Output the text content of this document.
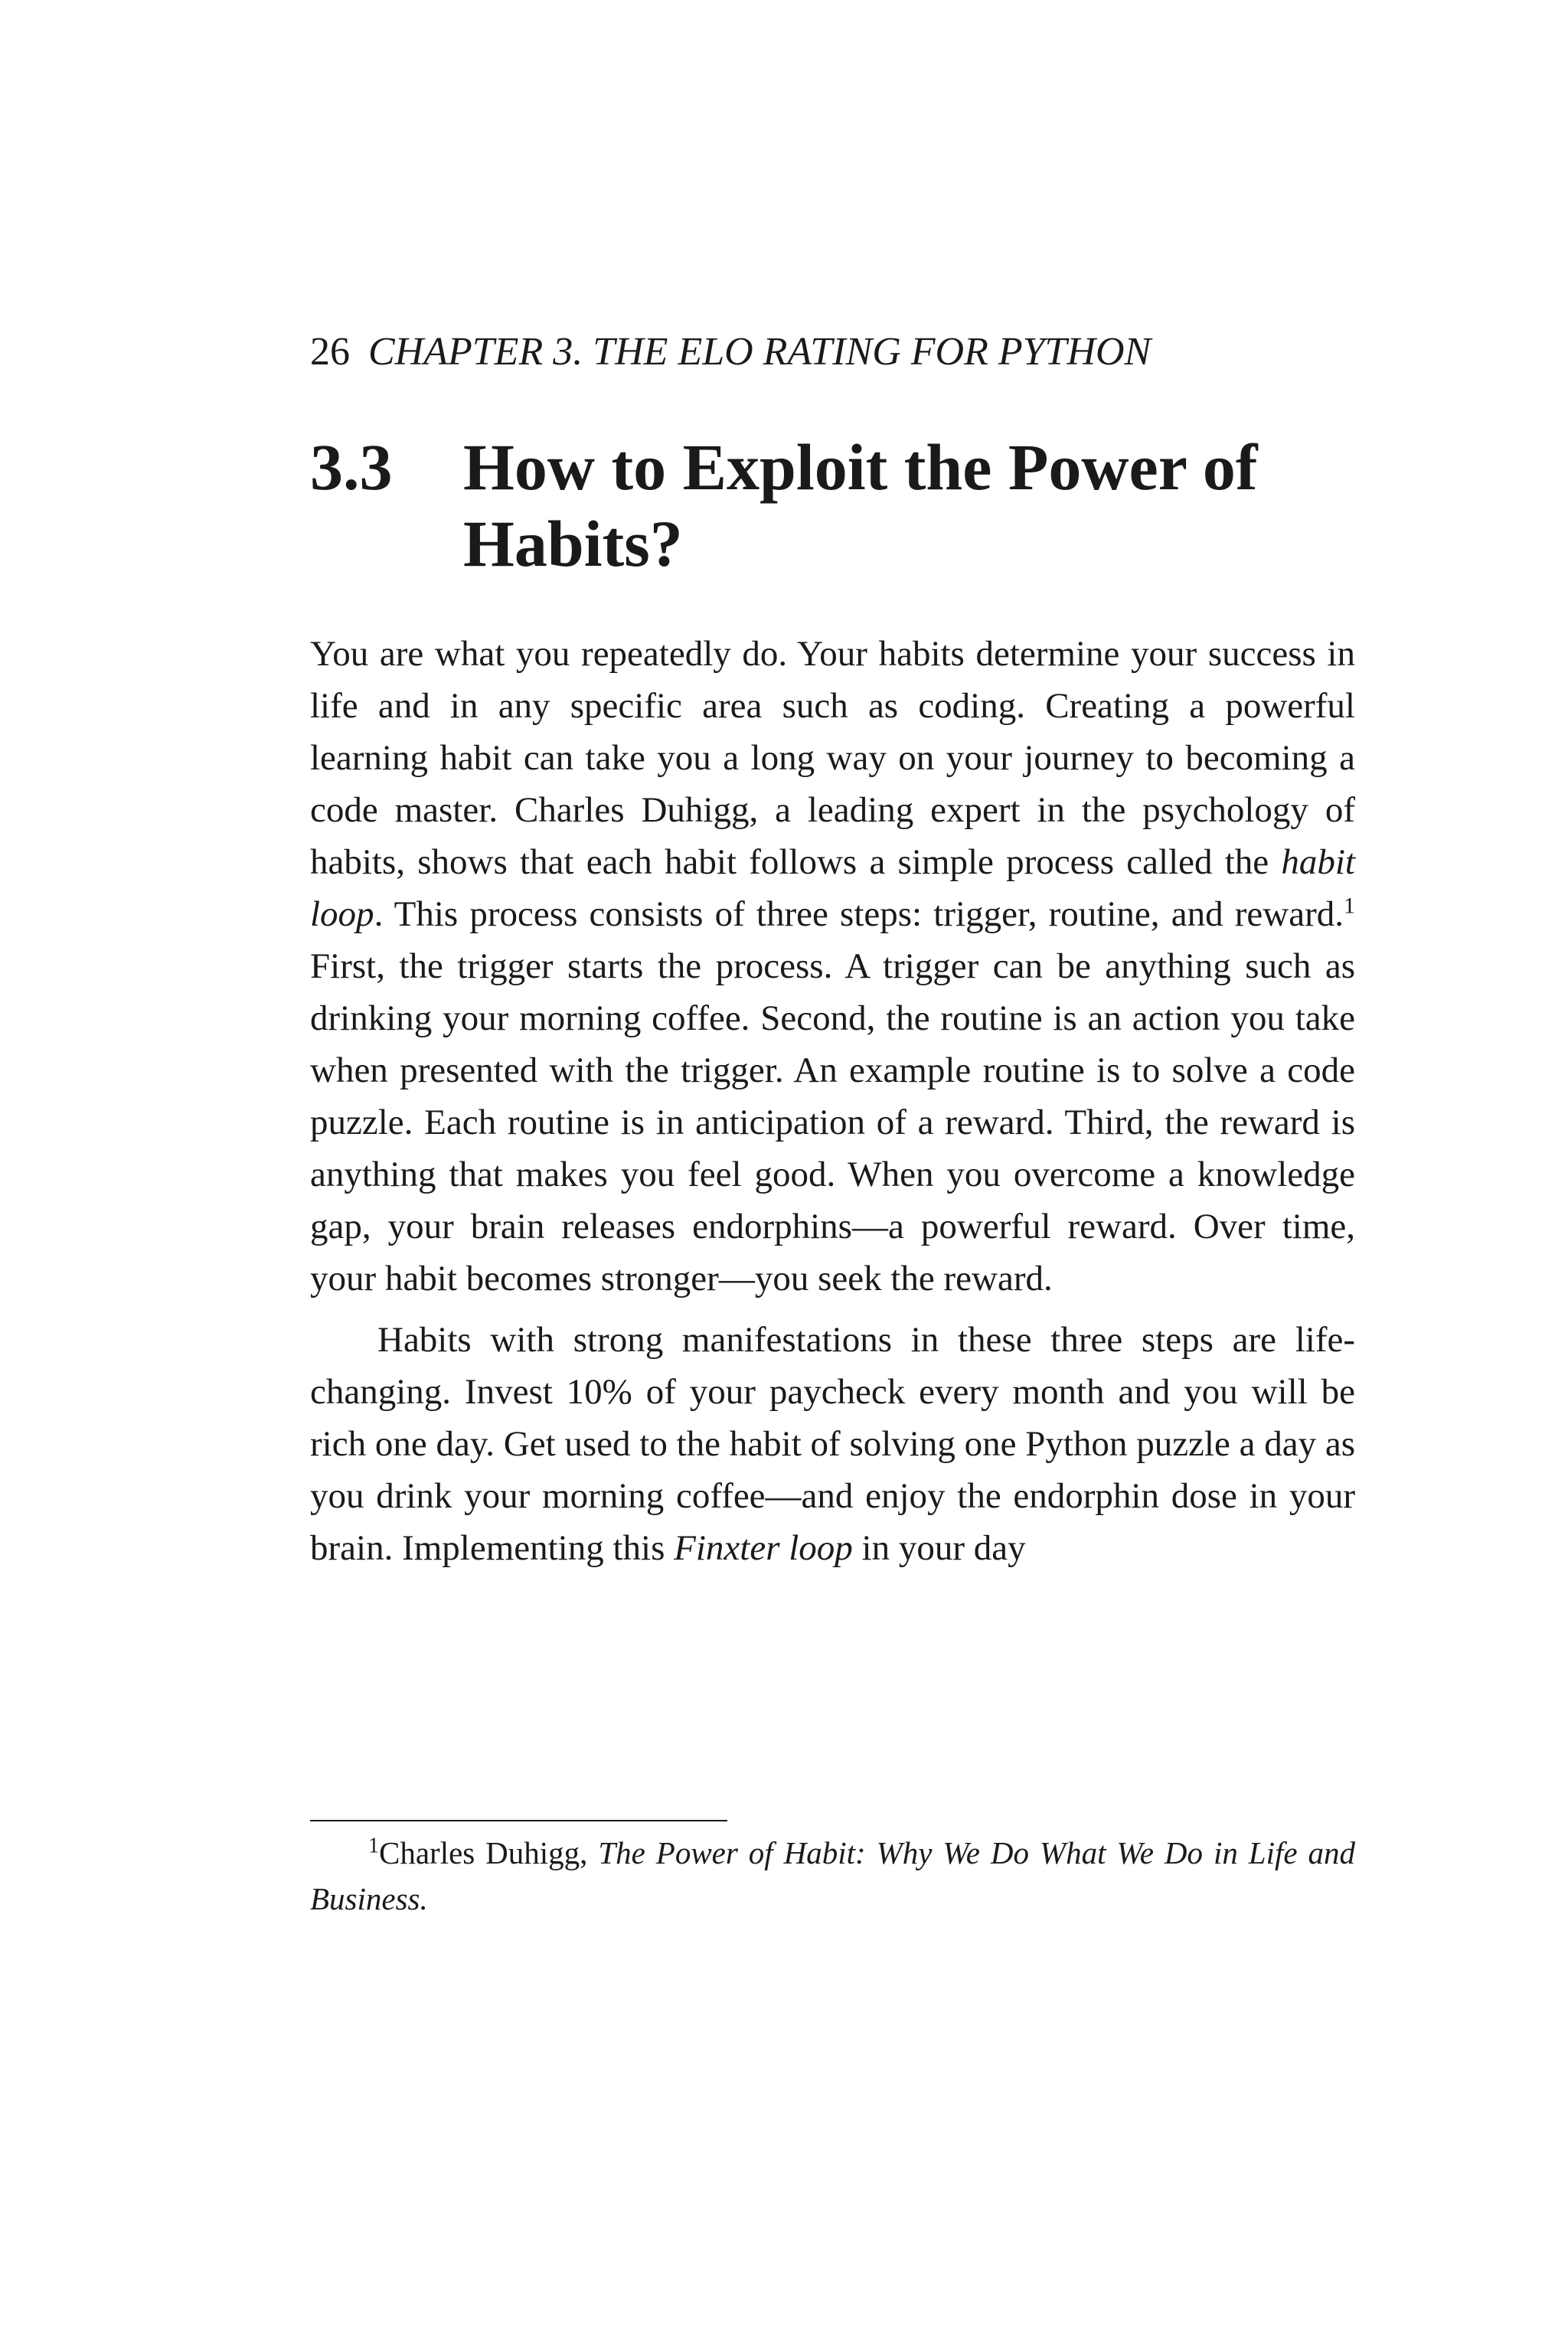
26 CHAPTER 3. THE ELO RATING FOR PYTHON
3.3	How to Exploit the Power of Habits?

You are what you repeatedly do. Your habits determine your success in life and in any specific area such as coding. Creating a powerful learning habit can take you a long way on your journey to becoming a code master. Charles Duhigg, a leading expert in the psychology of habits, shows that each habit follows a simple process called the habit loop. This process consists of three steps: trigger, routine, and reward.$^1$ First, the trigger starts the process. A trigger can be anything such as drinking your morning coffee. Second, the routine is an action you take when presented with the trigger. An example routine is to solve a code puzzle. Each routine is in anticipation of a reward. Third, the reward is anything that makes you feel good. When you overcome a knowledge gap, your brain releases endorphins—a powerful reward. Over time, your habit becomes stronger—you seek the reward.

Habits with strong manifestations in these three steps are life-changing. Invest 10% of your paycheck every month and you will be rich one day. Get used to the habit of solving one Python puzzle a day as you drink your morning coffee—and enjoy the endorphin dose in your brain. Implementing this Finxter loop in your day

$^1$Charles Duhigg, The Power of Habit: Why We Do What We Do in Life and Business.
